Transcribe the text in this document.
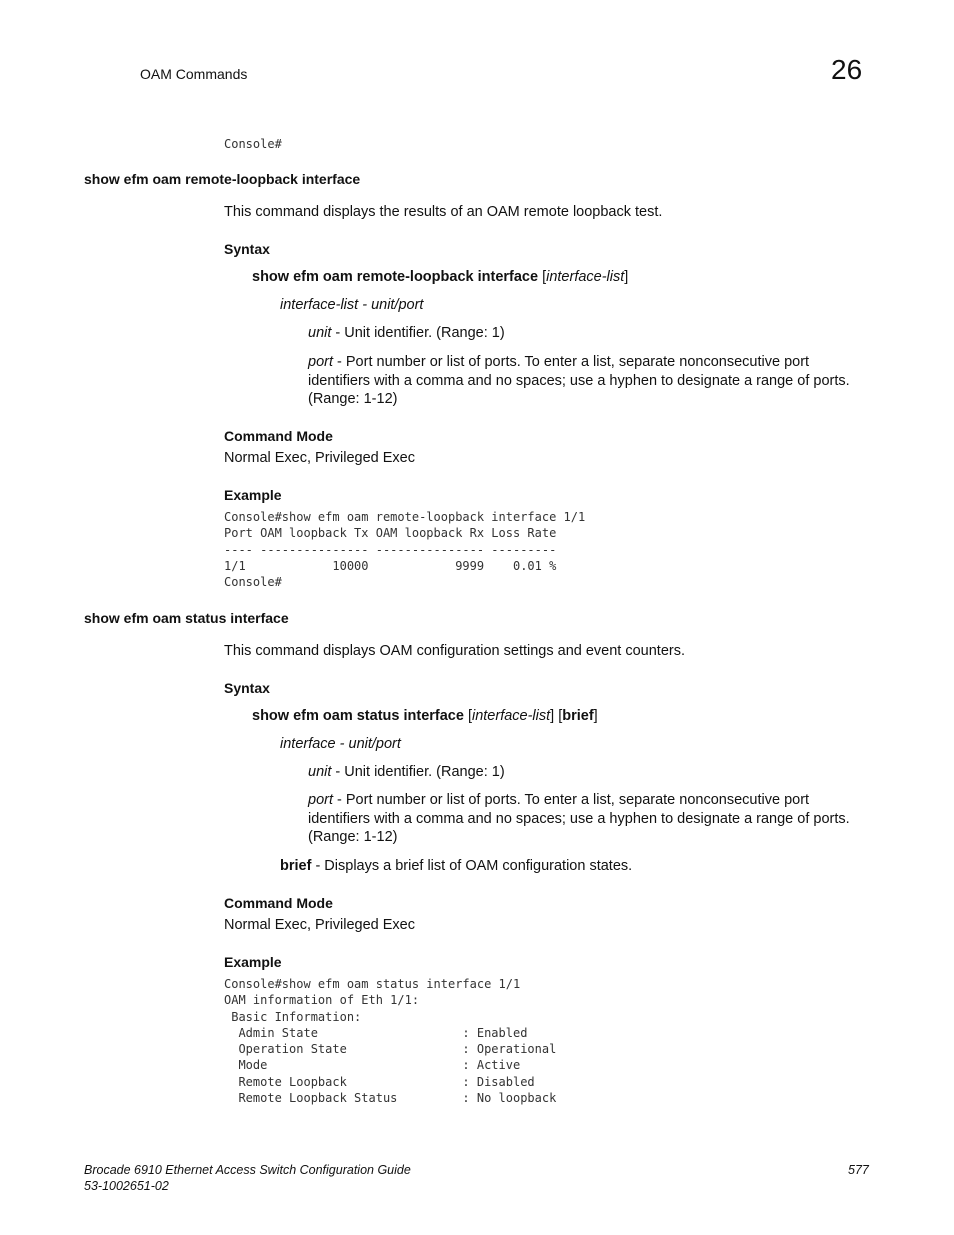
OAM Commands	26
Console#
show efm oam remote-loopback interface
This command displays the results of an OAM remote loopback test.
Syntax
show efm oam remote-loopback interface [interface-list]
interface-list - unit/port
unit - Unit identifier. (Range: 1)
port - Port number or list of ports. To enter a list, separate nonconsecutive port identifiers with a comma and no spaces; use a hyphen to designate a range of ports. (Range: 1-12)
Command Mode
Normal Exec, Privileged Exec
Example
Console#show efm oam remote-loopback interface 1/1
Port OAM loopback Tx OAM loopback Rx Loss Rate
---- --------------- --------------- ---------
1/1            10000            9999    0.01 %
Console#
show efm oam status interface
This command displays OAM configuration settings and event counters.
Syntax
show efm oam status interface [interface-list] [brief]
interface - unit/port
unit - Unit identifier. (Range: 1)
port - Port number or list of ports. To enter a list, separate nonconsecutive port identifiers with a comma and no spaces; use a hyphen to designate a range of ports. (Range: 1-12)
brief - Displays a brief list of OAM configuration states.
Command Mode
Normal Exec, Privileged Exec
Example
Console#show efm oam status interface 1/1
OAM information of Eth 1/1:
Basic Information:
Admin State                    : Enabled
Operation State                : Operational
Mode                           : Active
Remote Loopback                : Disabled
Remote Loopback Status         : No loopback
Brocade 6910 Ethernet Access Switch Configuration Guide
53-1002651-02
577
